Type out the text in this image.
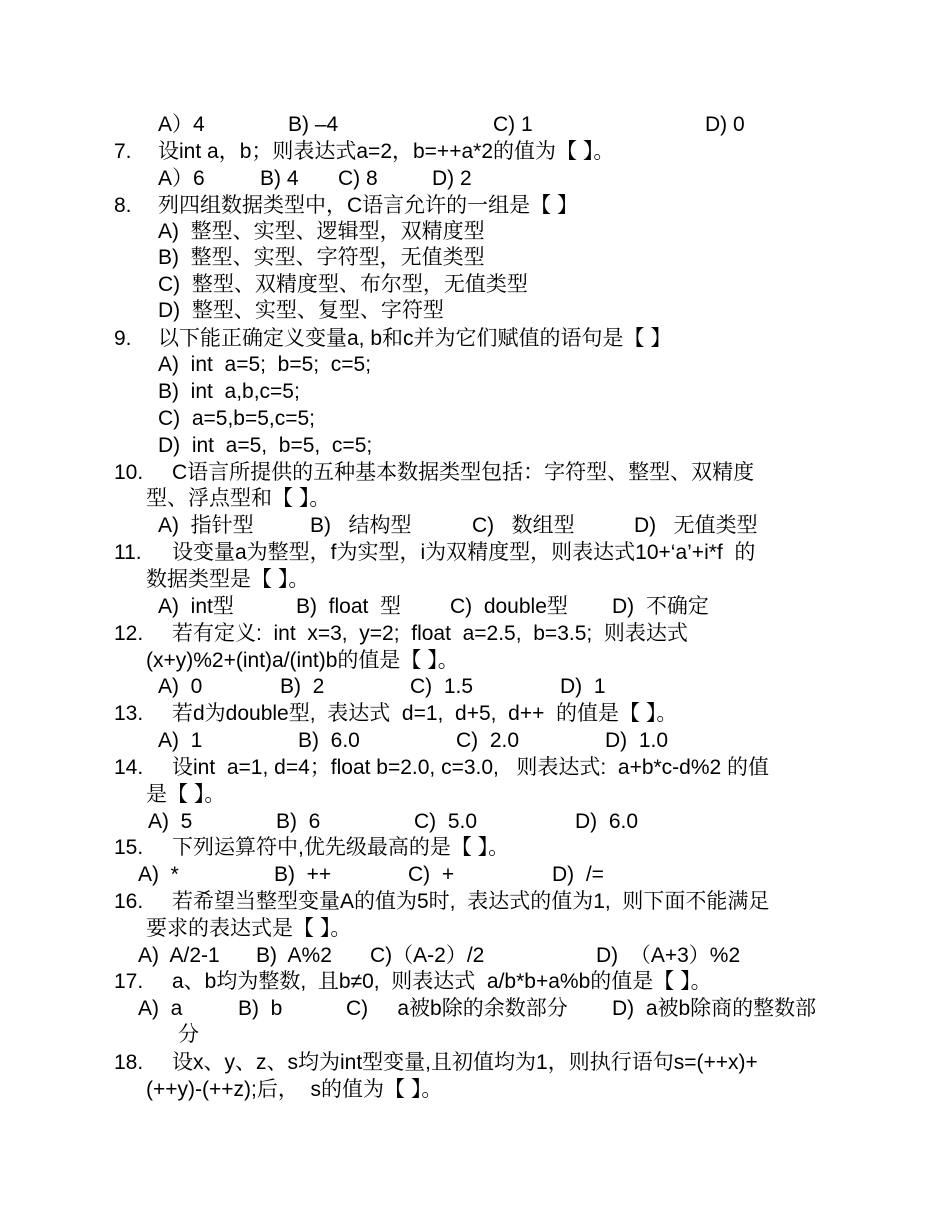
A）4	B) –4	C) 1	D) 0
7. 设int a，b；则表达式a=2，b=++a*2的值为【 】。
A）6	B) 4 C) 8	D) 2
8. 列四组数据类型中，C语言允许的一组是【 】
A)  整型、实型、逻辑型，双精度型
B)  整型、实型、字符型，无值类型
C)  整型、双精度型、布尔型，无值类型
D)  整型、实型、复型、字符型
9. 以下能正确定义变量a, b和c并为它们赋值的语句是【 】
A)  int  a=5;  b=5;  c=5;
B)  int  a,b,c=5;
C)  a=5,b=5,c=5;
D)  int  a=5,  b=5,  c=5;
10. C语言所提供的五种基本数据类型包括：字符型、整型、双精度
型、浮点型和【 】。
A)  指针型	B)   结构型	C)   数组型	D)   无值类型
11. 设变量a为整型，f为实型，i为双精度型，则表达式10+‘a’+i*f  的
数据类型是【 】。
A)  int型	B)  float  型 C)  double型 D)  不确定
12. 若有定义:  int  x=3,  y=2;  float  a=2.5,  b=3.5;  则表达式
(x+y)%2+(int)a/(int)b的值是【 】。
A)  0	B)  2	C)  1.5	D)  1
13. 若d为double型,  表达式  d=1,  d+5,  d++  的值是【 】。
A)  1	B)  6.0	C)  2.0	D)  1.0
14. 设int  a=1, d=4；float b=2.0, c=3.0,   则表达式:  a+b*c-d%2 的值
是【 】。
A)  5	B)  6	C)  5.0	D)  6.0
15. 下列运算符中,优先级最高的是【 】。
A)  *	B)  ++	C)  +	D)  /=
16. 若希望当整型变量A的值为5时,  表达式的值为1,  则下面不能满足
要求的表达式是【 】。
A)  A/2-1 B)  A%2 C)（A-2）/2	D)  （A+3）%2
17. a、b均为整数,  且b≠0,  则表达式  a/b*b+a%b的值是【 】。
A)  a	B)  b	C)     a被b除的余数部分 D)  a被b除商的整数部
分
18. 设x、y、z、s均为int型变量,且初值均为1，则执行语句s=(++x)+
(++y)-(++z);后，  s的值为【 】。
